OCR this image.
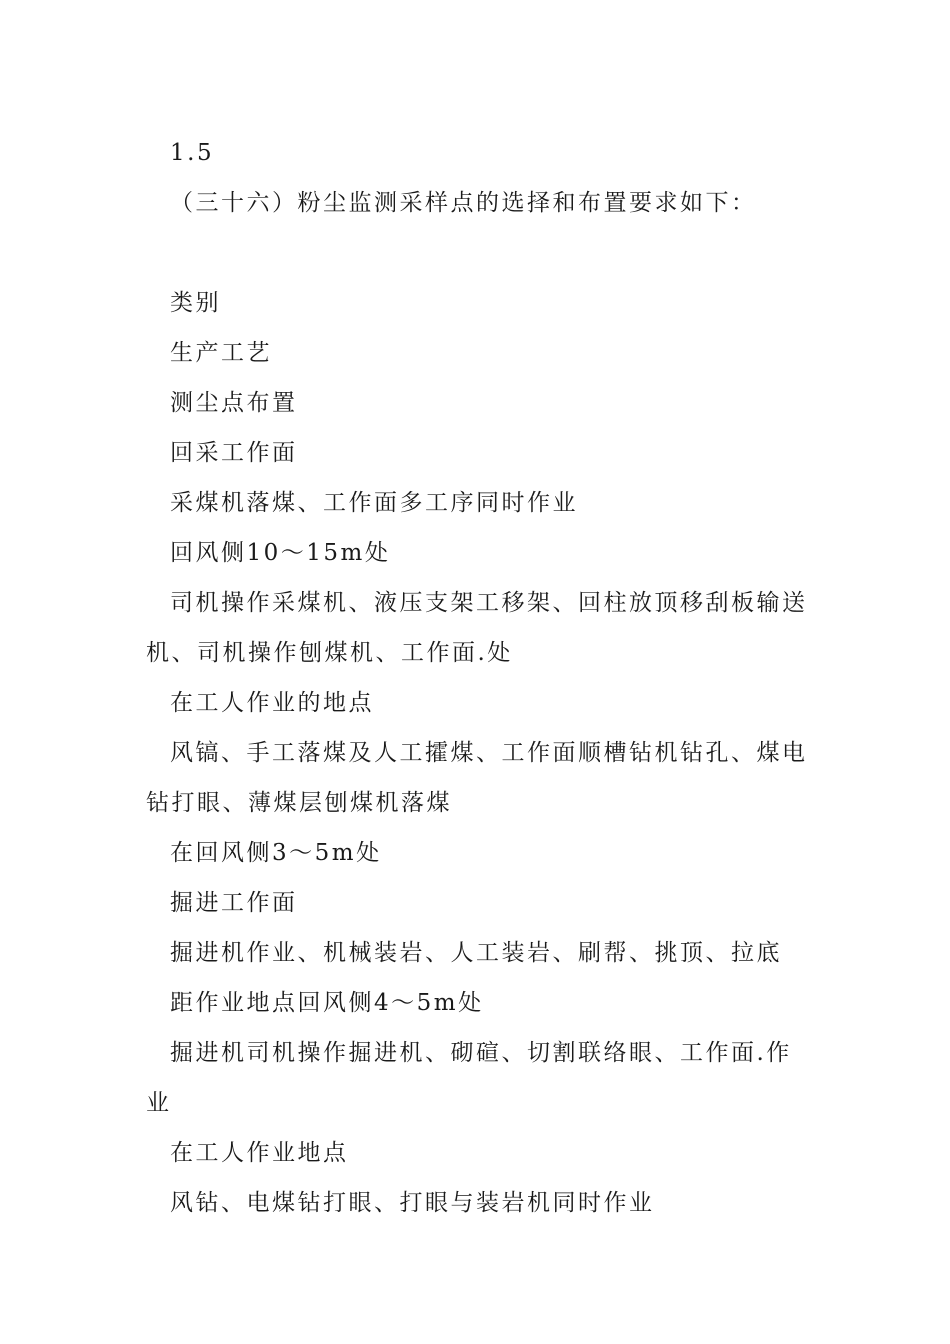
1.5

（三十六）粉尘监测采样点的选择和布置要求如下：

类别

生产工艺

测尘点布置

回采工作面

采煤机落煤、工作面多工序同时作业

回风侧10～15m处

司机操作采煤机、液压支架工移架、回柱放顶移刮板输送机、司机操作刨煤机、工作面.处

在工人作业的地点

风镐、手工落煤及人工攉煤、工作面顺槽钻机钻孔、煤电钻打眼、薄煤层刨煤机落煤

在回风侧3～5m处

掘进工作面

掘进机作业、机械装岩、人工装岩、刷帮、挑顶、拉底

距作业地点回风侧4～5m处

掘进机司机操作掘进机、砌碹、切割联络眼、工作面.作业

在工人作业地点

风钻、电煤钻打眼、打眼与装岩机同时作业
